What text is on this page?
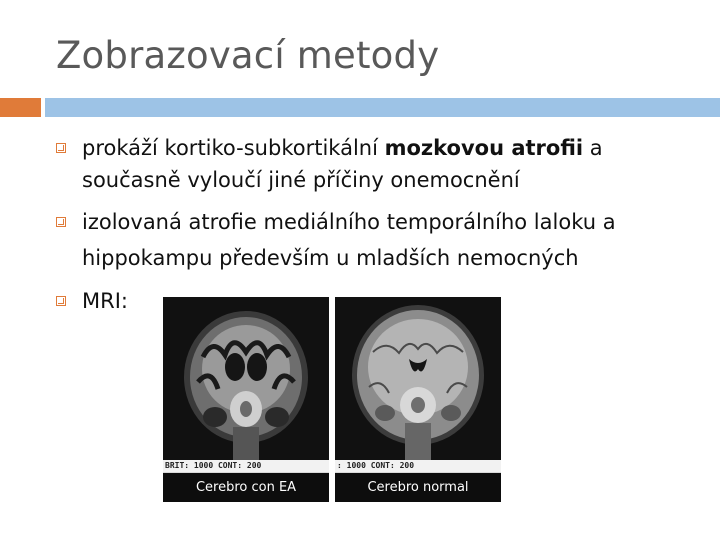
Zobrazovací metody
prokáží kortiko-subkortikální mozkovou atrofii a
současně vyloučí jiné příčiny onemocnění
izolovaná atrofie mediálního temporálního laloku a
hippokampu především u mladších nemocných
MRI:
BRIT: 1000 CONT: 200
Cerebro con EA
: 1000 CONT: 200
Cerebro normal
